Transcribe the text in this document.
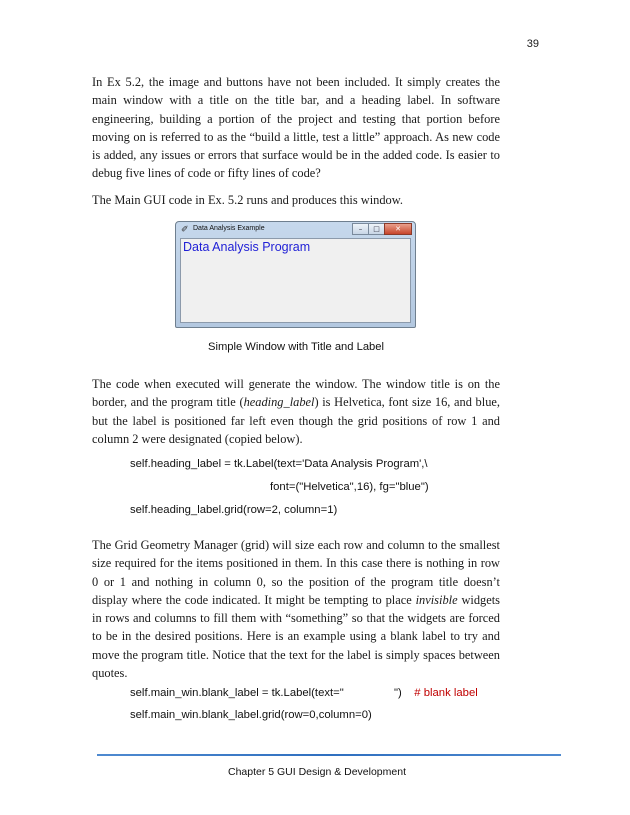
39

In Ex 5.2, the image and buttons have not been included. It simply creates the main window with a title on the title bar, and a heading label. In software engineering, building a portion of the project and testing that portion before moving on is referred to as the “build a little, test a little” approach. As new code is added, any issues or errors that surface would be in the added code. Is easier to debug five lines of code or fifty lines of code?

The Main GUI code in Ex. 5.2 runs and produces this window.

✐ Data Analysis Example	–	□	✕
Data Analysis Program
Simple Window with Title and Label

The code when executed will generate the window. The window title is on the border, and the program title (heading_label) is Helvetica, font size 16, and blue, but the label is positioned far left even though the grid positions of row 1 and column 2 were designated (copied below).

self.heading_label = tk.Label(text='Data Analysis Program',\
font=("Helvetica",16), fg="blue")
self.heading_label.grid(row=2, column=1)

The Grid Geometry Manager (grid) will size each row and column to the smallest size required for the items positioned in them. In this case there is nothing in row 0 or 1 and nothing in column 0, so the position of the program title doesn’t display where the code indicated. It might be tempting to place invisible widgets in rows and columns to fill them with “something” so that the widgets are forced to be in the desired positions. Here is an example using a blank label to try and move the program title. Notice that the text for the label is simply spaces between quotes.

self.main_win.blank_label = tk.Label(text="                ")    # blank label
self.main_win.blank_label.grid(row=0,column=0)
Chapter 5 GUI Design & Development
